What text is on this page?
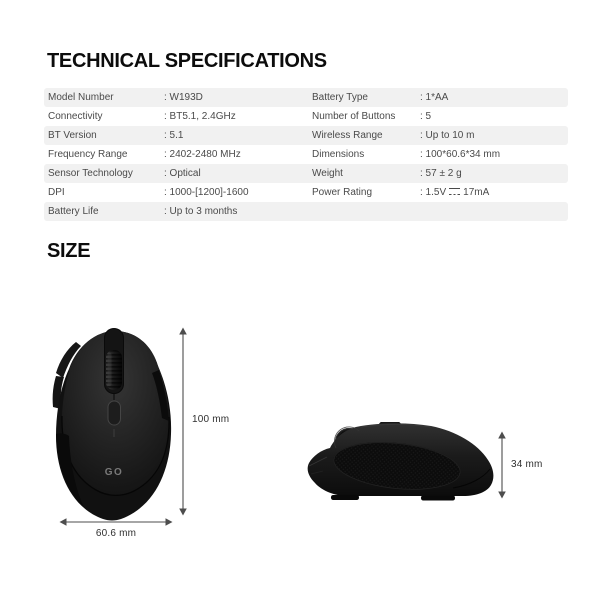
TECHNICAL SPECIFICATIONS
Model Number	: W193D	Battery Type	: 1*AA
Connectivity	: BT5.1, 2.4GHz	Number of Buttons	: 5
BT Version	: 5.1	Wireless Range	: Up to 10 m
Frequency Range	: 2402-2480 MHz	Dimensions	: 100*60.6*34 mm
Sensor Technology	: Optical	Weight	: 57 ± 2 g
DPI	: 1000-[1200]-1600	Power Rating	: 1.5V 17mA
Battery Life	: Up to 3 months
SIZE
GO
100 mm
60.6 mm
34 mm
